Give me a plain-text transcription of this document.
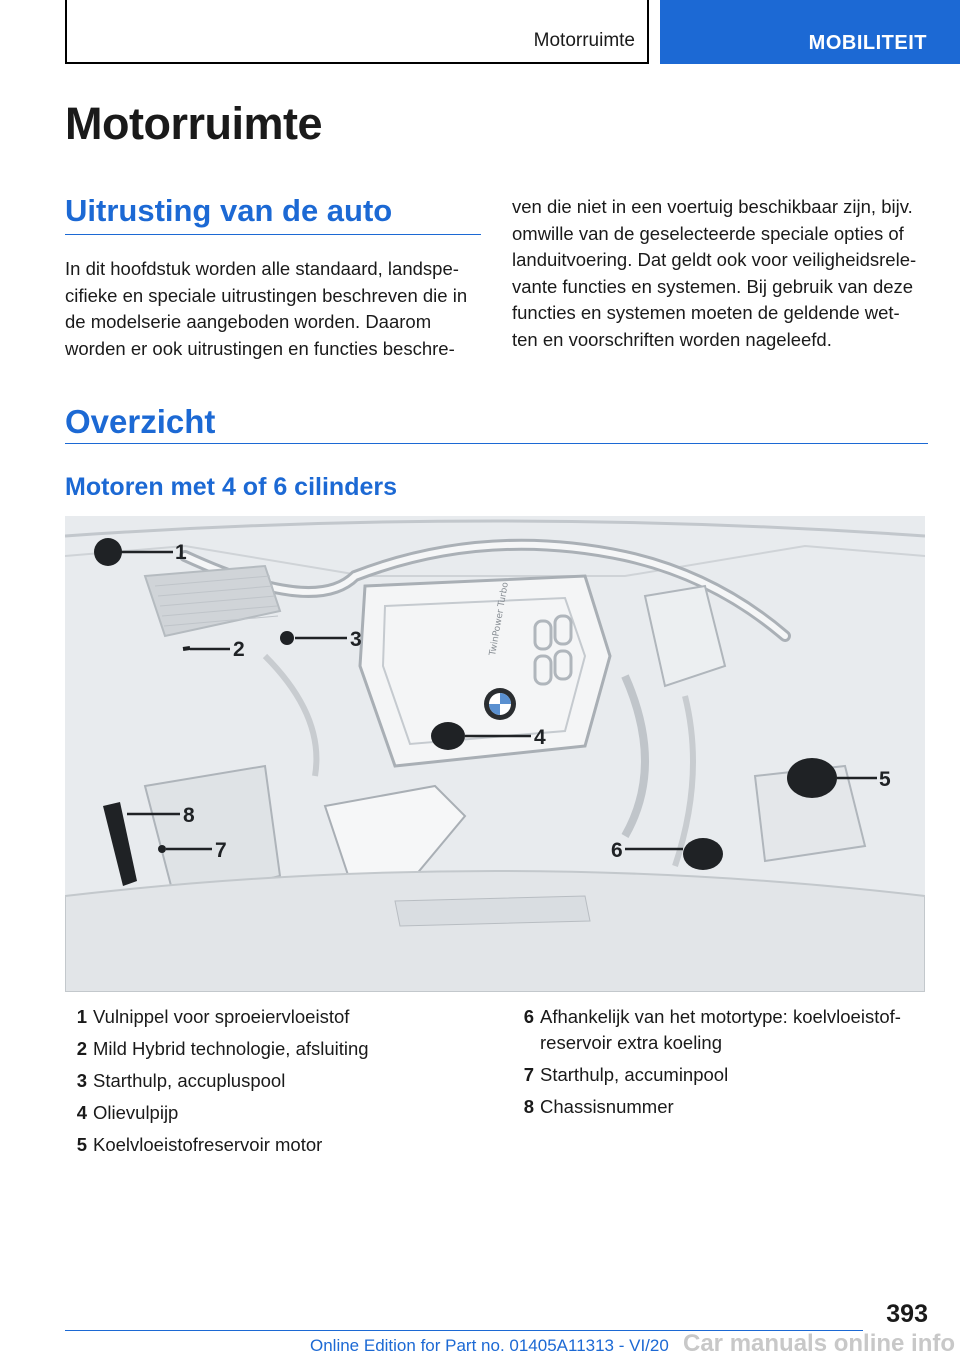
Motorruimte	MOBILITEIT
Motorruimte
Uitrusting van de auto
In dit hoofdstuk worden alle standaard, landspe‐
cifieke en speciale uitrustingen beschreven die in
de modelserie aangeboden worden. Daarom
worden er ook uitrustingen en functies beschre‐
ven die niet in een voertuig beschikbaar zijn, bijv.
omwille van de geselecteerde speciale opties of
landuitvoering. Dat geldt ook voor veiligheidsrele‐
vante functies en systemen. Bij gebruik van deze
functies en systemen moeten de geldende wet‐
ten en voorschriften worden nageleefd.
Overzicht
Motoren met 4 of 6 cilinders
TwinPower Turbo
1
2	3
4
5
6
7
8
1 Vulnippel voor sproeiervloeistof
2 Mild Hybrid technologie, afsluiting
3 Starthulp, accupluspool
4 Olievulpijp
5 Koelvloeistofreservoir motor
6 Afhankelijk van het motortype: koelvloeistof‐
reservoir extra koeling
7 Starthulp, accuminpool
8 Chassisnummer
393
Online Edition for Part no. 01405A11313 - VI/20 Car manuals online info
